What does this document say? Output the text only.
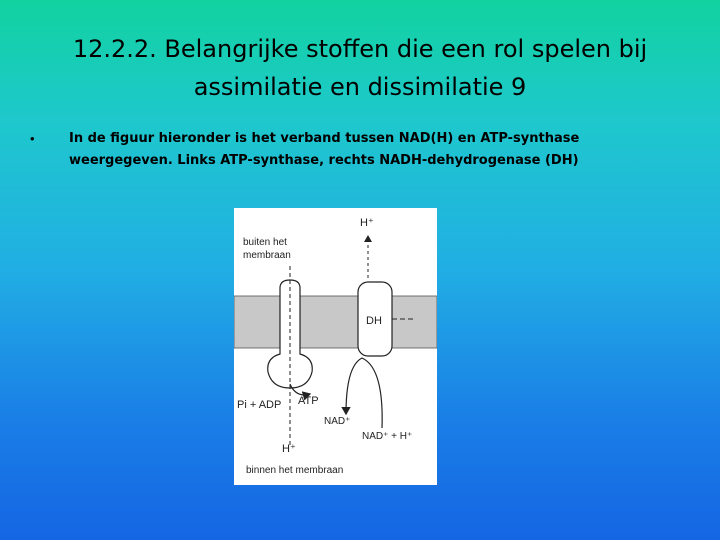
12.2.2. Belangrijke stoffen die een rol spelen bij assimilatie en dissimilatie 9
•	In de figuur hieronder is het verband tussen NAD(H) en ATP-synthase weergegeven. Links ATP-synthase, rechts NADH-dehydrogenase (DH)
buiten het
membraan
H⁺
DH
Pi + ADP ATP
NAD⁺
NAD⁺ + H⁺
H⁺
binnen het membraan
